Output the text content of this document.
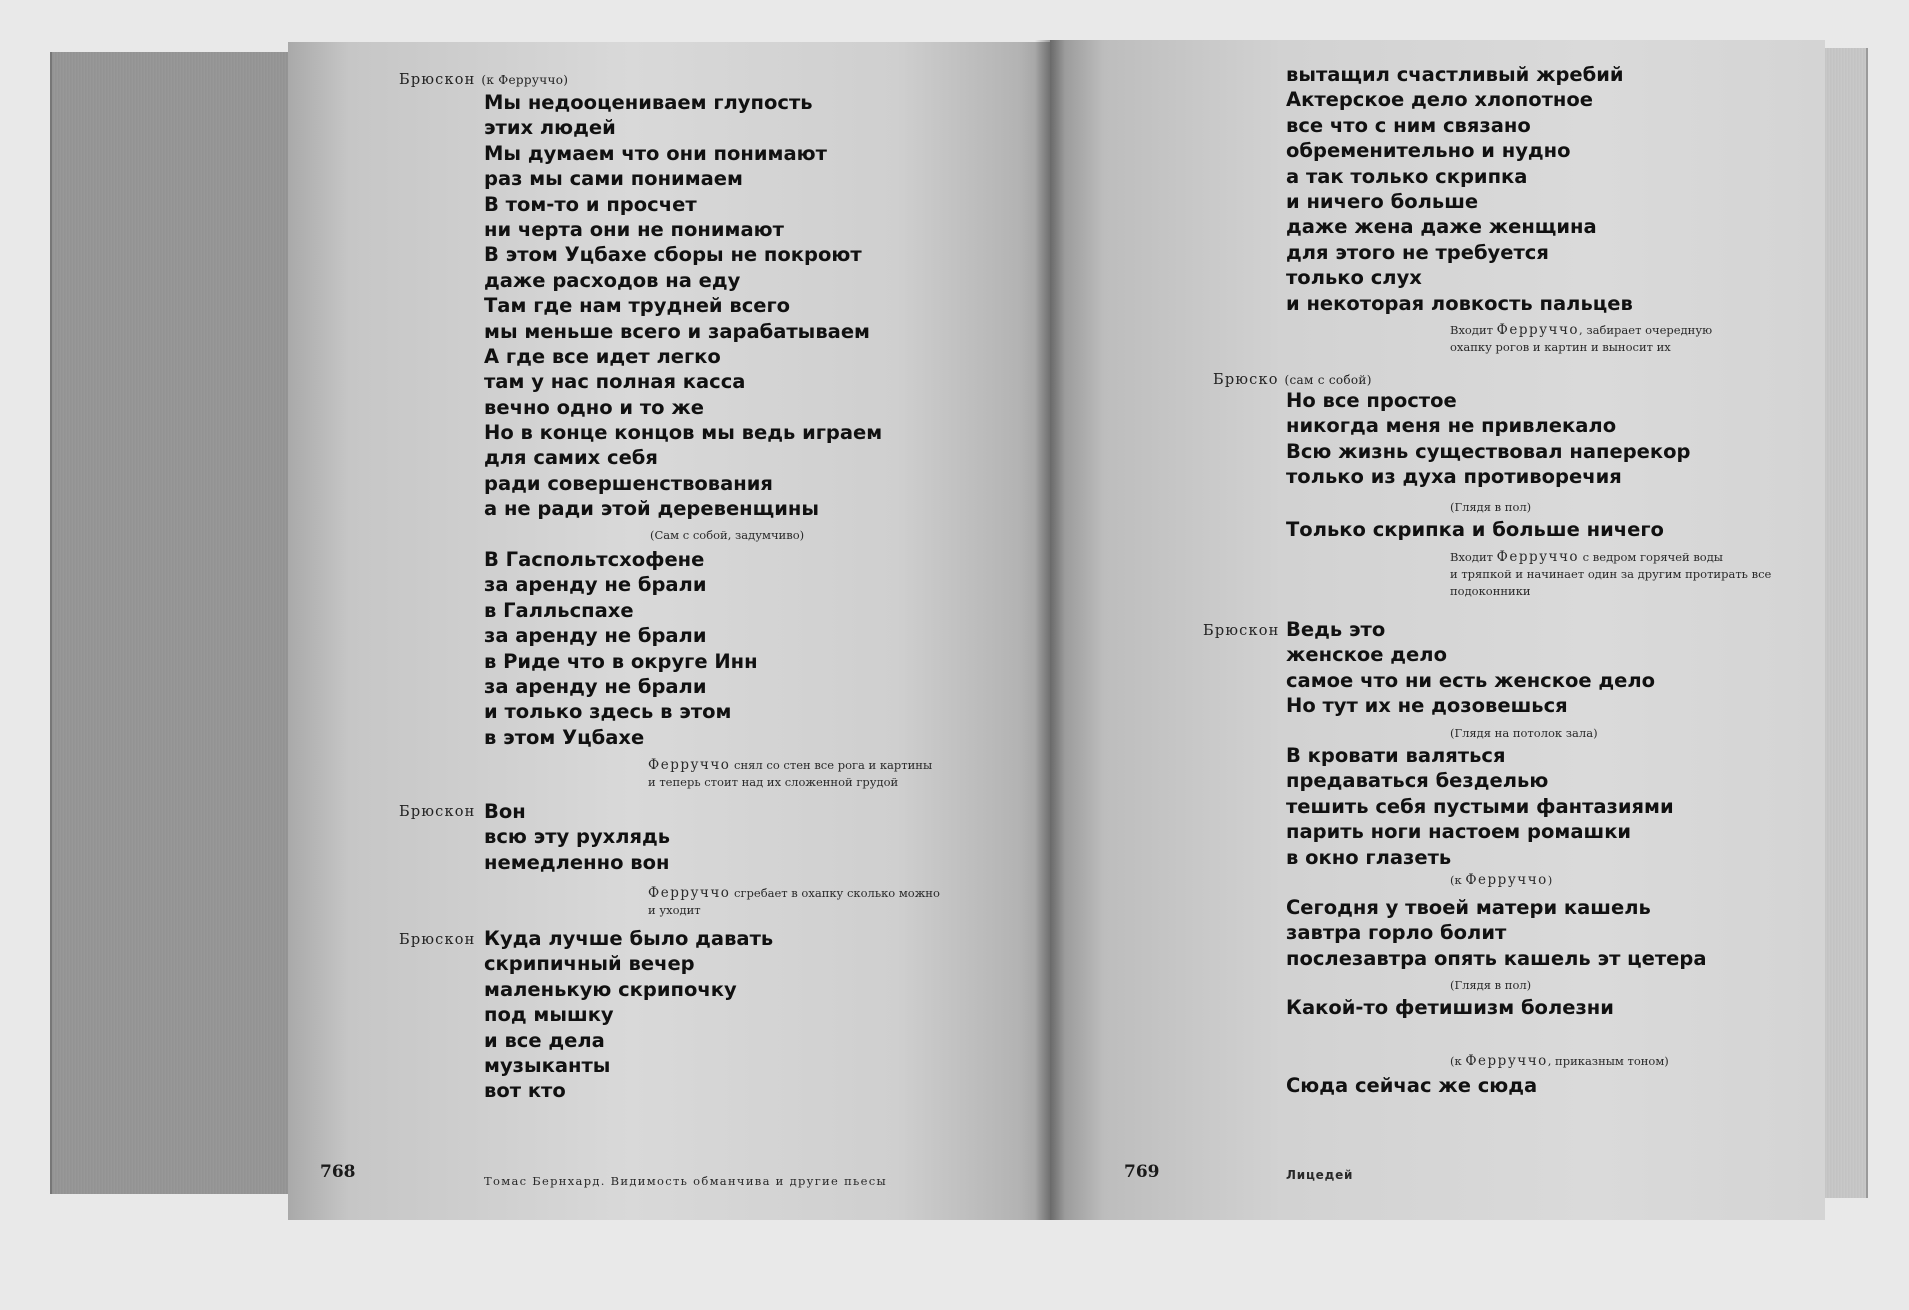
Брюскон (к Ферруччо)
Мы недооцениваем глупость
этих людей
Мы думаем что они понимают
раз мы сами понимаем
В том-то и просчет
ни черта они не понимают
В этом Уцбахе сборы не покроют
даже расходов на еду
Там где нам трудней всего
мы меньше всего и зарабатываем
А где все идет легко
там у нас полная касса
вечно одно и то же
Но в конце концов мы ведь играем
для самих себя
ради совершенствования
а не ради этой деревенщины
(Сам с собой, задумчиво)
В Гаспольтсхофене
за аренду не брали
в Галльспахе
за аренду не брали
в Риде что в округе Инн
за аренду не брали
и только здесь в этом
в этом Уцбахе
Ферруччо снял со стен все рога и картины
и теперь стоит над их сложенной грудой
Брюскон Вон
всю эту рухлядь
немедленно вон
Ферруччо сгребает в охапку сколько можно
и уходит
Брюскон Куда лучше было давать
скрипичный вечер
маленькую скрипочку
под мышку
и все дела
музыканты
вот кто
768	Томас Бернхард. Видимость обманчива и другие пьесы
вытащил счастливый жребий
Актерское дело хлопотное
все что с ним связано
обременительно и нудно
а так только скрипка
и ничего больше
даже жена даже женщина
для этого не требуется
только слух
и некоторая ловкость пальцев
Входит Ферруччо, забирает очередную
охапку рогов и картин и выносит их
Брюско (сам с собой)
Но все простое
никогда меня не привлекало
Всю жизнь существовал наперекор
только из духа противоречия
(Глядя в пол)
Только скрипка и больше ничего
Входит Ферруччо с ведром горячей воды
и тряпкой и начинает один за другим протирать все
подоконники
Брюскон Ведь это
женское дело
самое что ни есть женское дело
Но тут их не дозовешься
(Глядя на потолок зала)
В кровати валяться
предаваться безделью
тешить себя пустыми фантазиями
парить ноги настоем ромашки
в окно глазеть
(к Ферруччо)
Сегодня у твоей матери кашель
завтра горло болит
послезавтра опять кашель эт цетера
(Глядя в пол)
Какой-то фетишизм болезни
(к Ферруччо, приказным тоном)
Сюда сейчас же сюда
769	Лицедей
